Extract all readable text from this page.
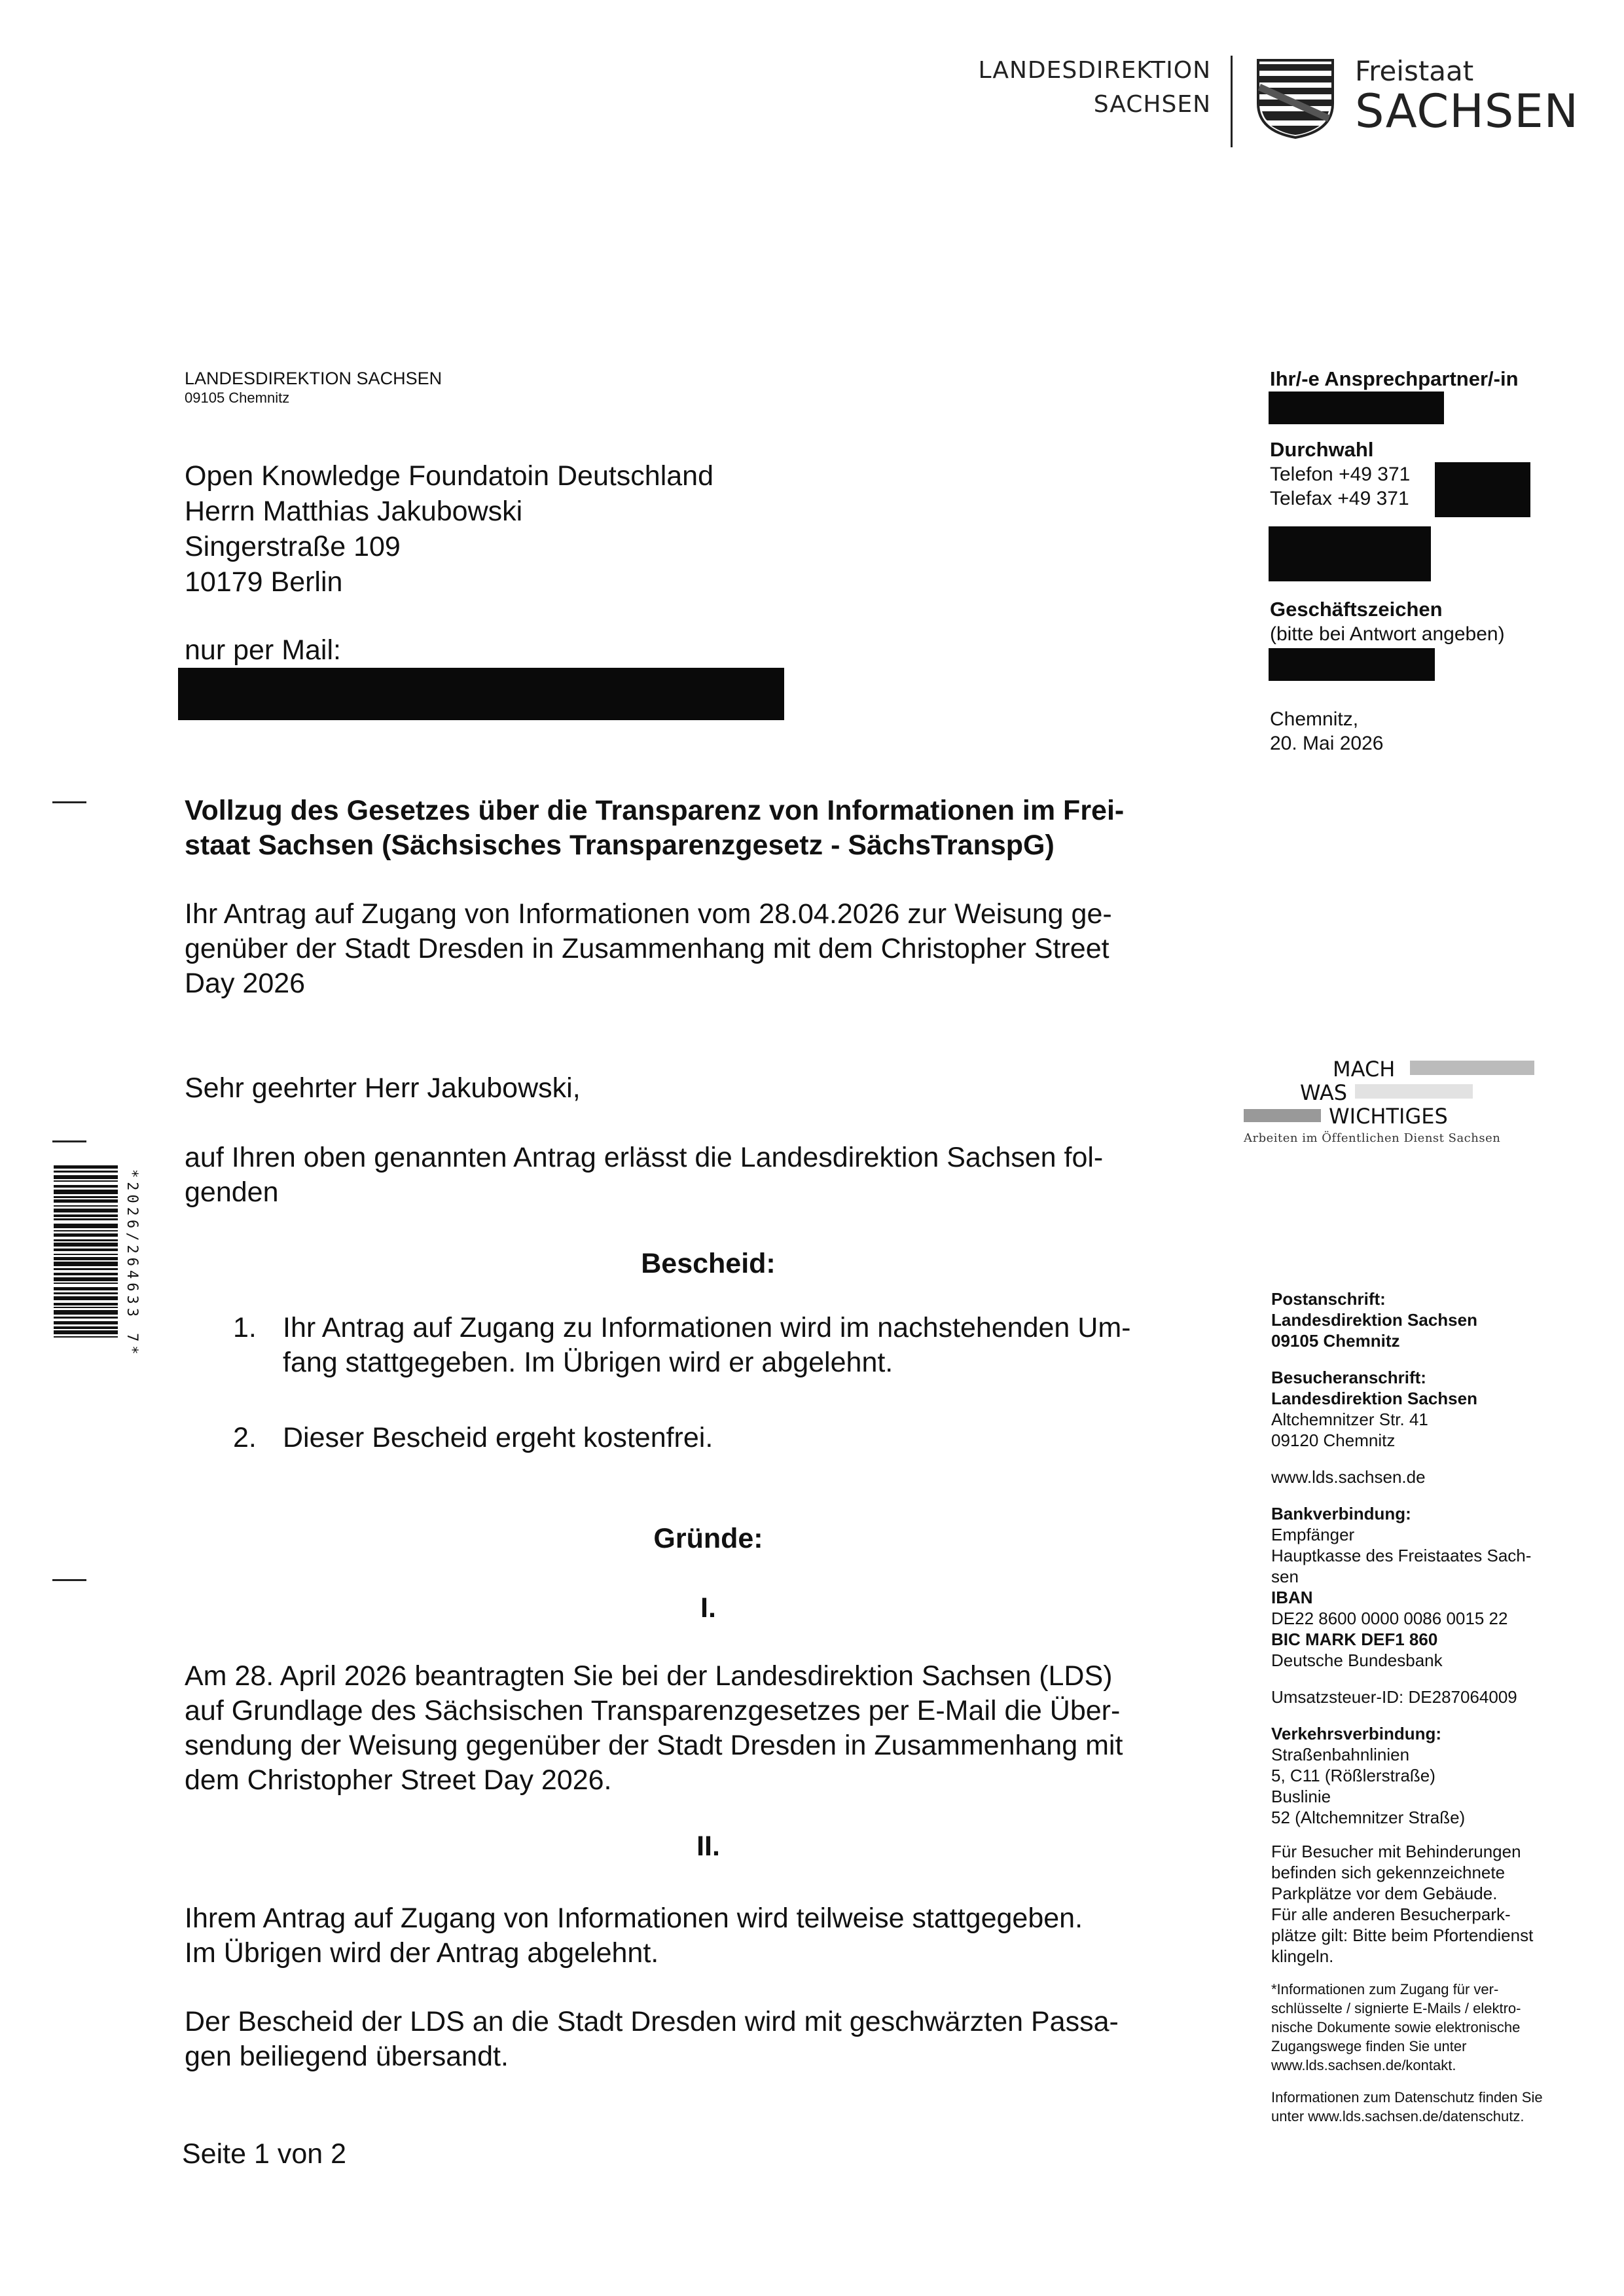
LANDESDIREKTION
SACHSEN
Freistaat
SACHSEN
LANDESDIREKTION SACHSEN
09105 Chemnitz
Open Knowledge Foundatoin Deutschland
Herrn Matthias Jakubowski
Singerstraße 109
10179 Berlin
nur per Mail:
Ihr/-e Ansprechpartner/-in
Durchwahl
Telefon +49 371
Telefax +49 371
Geschäftszeichen
(bitte bei Antwort angeben)
Chemnitz,
20. Mai 2026
*2026/264633 7*
Vollzug des Gesetzes über die Transparenz von Informationen im Frei-
staat Sachsen (Sächsisches Transparenzgesetz - SächsTranspG)
Ihr Antrag auf Zugang von Informationen vom 28.04.2026 zur Weisung ge-
genüber der Stadt Dresden in Zusammenhang mit dem Christopher Street
Day 2026
Sehr geehrter Herr Jakubowski,
auf Ihren oben genannten Antrag erlässt die Landesdirektion Sachsen fol-
genden
MACH
WAS
WICHTIGES
Arbeiten im Öffentlichen Dienst Sachsen
Bescheid:
1. Ihr Antrag auf Zugang zu Informationen wird im nachstehenden Um-
fang stattgegeben. Im Übrigen wird er abgelehnt.
2. Dieser Bescheid ergeht kostenfrei.
Gründe:
I.
Am 28. April 2026 beantragten Sie bei der Landesdirektion Sachsen (LDS)
auf Grundlage des Sächsischen Transparenzgesetzes per E-Mail die Über-
sendung der Weisung gegenüber der Stadt Dresden in Zusammenhang mit
dem Christopher Street Day 2026.
II.
Ihrem Antrag auf Zugang von Informationen wird teilweise stattgegeben.
Im Übrigen wird der Antrag abgelehnt.
Der Bescheid der LDS an die Stadt Dresden wird mit geschwärzten Passa-
gen beiliegend übersandt.
Seite 1 von 2
Postanschrift:
Landesdirektion Sachsen
09105 Chemnitz
Besucheranschrift:
Landesdirektion Sachsen
Altchemnitzer Str. 41
09120 Chemnitz
www.lds.sachsen.de
Bankverbindung:
Empfänger
Hauptkasse des Freistaates Sach-
sen
IBAN
DE22 8600 0000 0086 0015 22
BIC MARK DEF1 860
Deutsche Bundesbank
Umsatzsteuer-ID: DE287064009
Verkehrsverbindung:
Straßenbahnlinien
5, C11 (Rößlerstraße)
Buslinie
52 (Altchemnitzer Straße)
Für Besucher mit Behinderungen
befinden sich gekennzeichnete
Parkplätze vor dem Gebäude.
Für alle anderen Besucherpark-
plätze gilt: Bitte beim Pfortendienst
klingeln.
*Informationen zum Zugang für ver-
schlüsselte / signierte E-Mails / elektro-
nische Dokumente sowie elektronische
Zugangswege finden Sie unter
www.lds.sachsen.de/kontakt.
Informationen zum Datenschutz finden Sie
unter www.lds.sachsen.de/datenschutz.
